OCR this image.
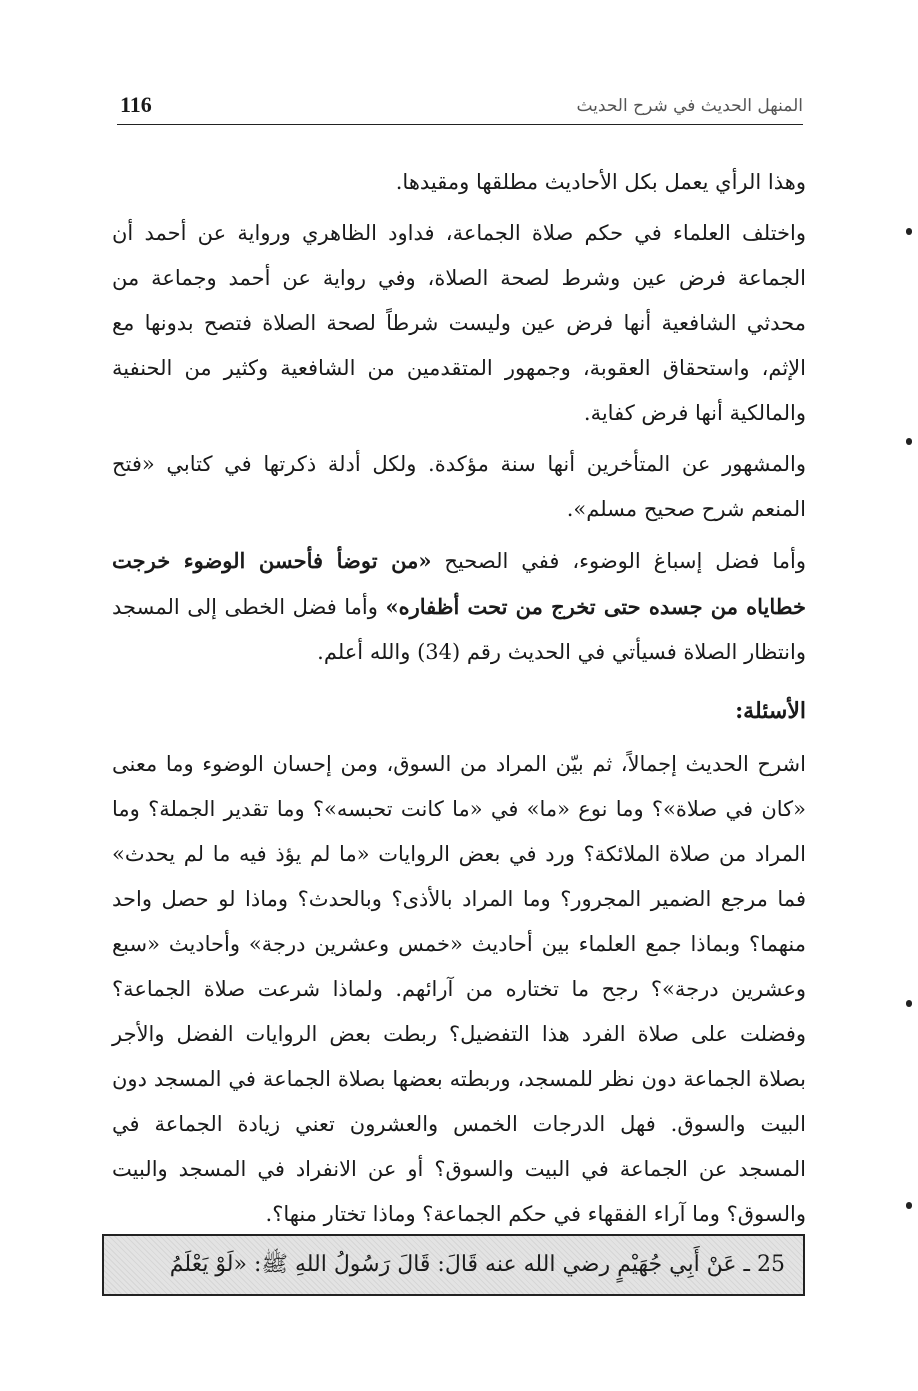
116	المنهل الحديث في شرح الحديث

وهذا الرأي يعمل بكل الأحاديث مطلقها ومقيدها.

واختلف العلماء في حكم صلاة الجماعة، فداود الظاهري ورواية عن أحمد أن الجماعة فرض عين وشرط لصحة الصلاة، وفي رواية عن أحمد وجماعة من محدثي الشافعية أنها فرض عين وليست شرطاً لصحة الصلاة فتصح بدونها مع الإثم، واستحقاق العقوبة، وجمهور المتقدمين من الشافعية وكثير من الحنفية والمالكية أنها فرض كفاية.

والمشهور عن المتأخرين أنها سنة مؤكدة. ولكل أدلة ذكرتها في كتابي «فتح المنعم شرح صحيح مسلم».

وأما فضل إسباغ الوضوء، ففي الصحيح «من توضأ فأحسن الوضوء خرجت خطاياه من جسده حتى تخرج من تحت أظفاره» وأما فضل الخطى إلى المسجد وانتظار الصلاة فسيأتي في الحديث رقم (34) والله أعلم.

الأسئلة:

اشرح الحديث إجمالاً، ثم بيّن المراد من السوق، ومن إحسان الوضوء وما معنى «كان في صلاة»؟ وما نوع «ما» في «ما كانت تحبسه»؟ وما تقدير الجملة؟ وما المراد من صلاة الملائكة؟ ورد في بعض الروايات «ما لم يؤذ فيه ما لم يحدث» فما مرجع الضمير المجرور؟ وما المراد بالأذى؟ وبالحدث؟ وماذا لو حصل واحد منهما؟ وبماذا جمع العلماء بين أحاديث «خمس وعشرين درجة» وأحاديث «سبع وعشرين درجة»؟ رجح ما تختاره من آرائهم. ولماذا شرعت صلاة الجماعة؟ وفضلت على صلاة الفرد هذا التفضيل؟ ربطت بعض الروايات الفضل والأجر بصلاة الجماعة دون نظر للمسجد، وربطته بعضها بصلاة الجماعة في المسجد دون البيت والسوق. فهل الدرجات الخمس والعشرون تعني زيادة الجماعة في المسجد عن الجماعة في البيت والسوق؟ أو عن الانفراد في المسجد والبيت والسوق؟ وما آراء الفقهاء في حكم الجماعة؟ وماذا تختار منها؟.

25 ـ عَنْ أَبِي جُهَيْمٍ رضي الله عنه قَالَ: قَالَ رَسُولُ اللهِ ﷺ: «لَوْ يَعْلَمُ
